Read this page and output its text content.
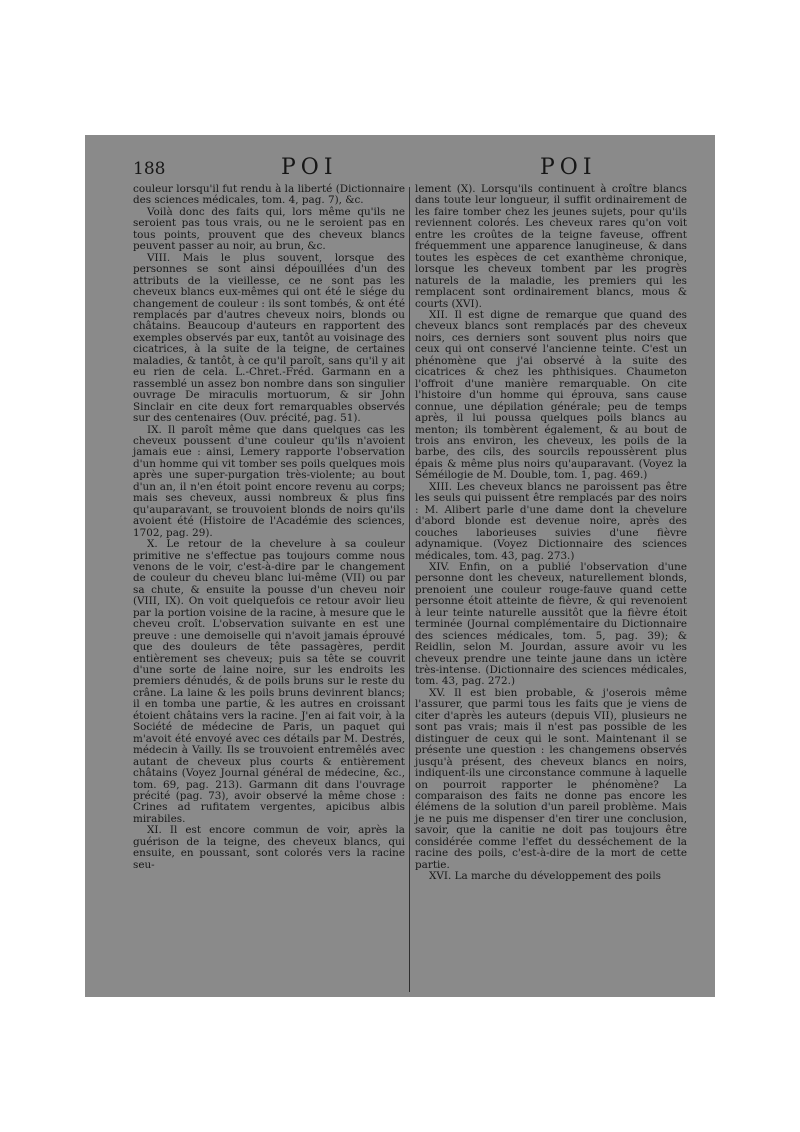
188	POI	POI

couleur lorsqu'il fut rendu à la liberté (Dictionnaire des sciences médicales, tom. 4, pag. 7), &c.

Voilà donc des faits qui, lors même qu'ils ne seroient pas tous vrais, ou ne le seroient pas en tous points, prouvent que des cheveux blancs peuvent passer au noir, au brun, &c.

VIII. Mais le plus souvent, lorsque des personnes se sont ainsi dépouillées d'un des attributs de la vieillesse, ce ne sont pas les cheveux blancs eux-mêmes qui ont été le siége du changement de couleur : ils sont tombés, & ont été remplacés par d'autres cheveux noirs, blonds ou châtains. Beaucoup d'auteurs en rapportent des exemples observés par eux, tantôt au voisinage des cicatrices, à la suite de la teigne, de certaines maladies, & tantôt, à ce qu'il paroît, sans qu'il y ait eu rien de cela. L.-Chret.-Fréd. Garmann en a rassemblé un assez bon nombre dans son singulier ouvrage De miraculis mortuorum, & sir John Sinclair en cite deux fort remarquables observés sur des centenaires (Ouv. précité, pag. 51).

IX. Il paroît même que dans quelques cas les cheveux poussent d'une couleur qu'ils n'avoient jamais eue : ainsi, Lemery rapporte l'observation d'un homme qui vit tomber ses poils quelques mois après une super-purgation très-violente; au bout d'un an, il n'en étoit point encore revenu au corps; mais ses cheveux, aussi nombreux & plus fins qu'auparavant, se trouvoient blonds de noirs qu'ils avoient été (Histoire de l'Académie des sciences, 1702, pag. 29).

X. Le retour de la chevelure à sa couleur primitive ne s'effectue pas toujours comme nous venons de le voir, c'est-à-dire par le changement de couleur du cheveu blanc lui-même (VII) ou par sa chute, & ensuite la pousse d'un cheveu noir (VIII, IX). On voit quelquefois ce retour avoir lieu par la portion voisine de la racine, à mesure que le cheveu croît. L'observation suivante en est une preuve : une demoiselle qui n'avoit jamais éprouvé que des douleurs de tête passagères, perdit entièrement ses cheveux; puis sa tête se couvrit d'une sorte de laine noire, sur les endroits les premiers dénudés, & de poils bruns sur le reste du crâne. La laine & les poils bruns devinrent blancs; il en tomba une partie, & les autres en croissant étoient châtains vers la racine. J'en ai fait voir, à la Société de médecine de Paris, un paquet qui m'avoit été envoyé avec ces détails par M. Destrés, médecin à Vailly. Ils se trouvoient entremêlés avec autant de cheveux plus courts & entièrement châtains (Voyez Journal général de médecine, &c., tom. 69, pag. 213). Garmann dit dans l'ouvrage précité (pag. 73), avoir observé la même chose : Crines ad rufitatem vergentes, apicibus albis mirabiles.

XI. Il est encore commun de voir, après la guérison de la teigne, des cheveux blancs, qui ensuite, en poussant, sont colorés vers la racine seu-

lement (X). Lorsqu'ils continuent à croître blancs dans toute leur longueur, il suffit ordinairement de les faire tomber chez les jeunes sujets, pour qu'ils reviennent colorés. Les cheveux rares qu'on voit entre les croûtes de la teigne faveuse, offrent fréquemment une apparence lanugineuse, & dans toutes les espèces de cet exanthème chronique, lorsque les cheveux tombent par les progrès naturels de la maladie, les premiers qui les remplacent sont ordinairement blancs, mous & courts (XVI).

XII. Il est digne de remarque que quand des cheveux blancs sont remplacés par des cheveux noirs, ces derniers sont souvent plus noirs que ceux qui ont conservé l'ancienne teinte. C'est un phénomène que j'ai observé à la suite des cicatrices & chez les phthisiques. Chaumeton l'offroit d'une manière remarquable. On cite l'histoire d'un homme qui éprouva, sans cause connue, une dépilation générale; peu de temps après, il lui poussa quelques poils blancs au menton; ils tombèrent également, & au bout de trois ans environ, les cheveux, les poils de la barbe, des cils, des sourcils repoussèrent plus épais & même plus noirs qu'auparavant. (Voyez la Séméilogie de M. Double, tom. 1, pag. 469.)

XIII. Les cheveux blancs ne paroissent pas être les seuls qui puissent être remplacés par des noirs : M. Alibert parle d'une dame dont la chevelure d'abord blonde est devenue noire, après des couches laborieuses suivies d'une fièvre adynamique. (Voyez Dictionnaire des sciences médicales, tom. 43, pag. 273.)

XIV. Enfin, on a publié l'observation d'une personne dont les cheveux, naturellement blonds, prenoient une couleur rouge-fauve quand cette personne étoit atteinte de fièvre, & qui revenoient à leur teinte naturelle aussitôt que la fièvre étoit terminée (Journal complémentaire du Dictionnaire des sciences médicales, tom. 5, pag. 39); & Reidlin, selon M. Jourdan, assure avoir vu les cheveux prendre une teinte jaune dans un ictère très-intense. (Dictionnaire des sciences médicales, tom. 43, pag. 272.)

XV. Il est bien probable, & j'oserois même l'assurer, que parmi tous les faits que je viens de citer d'après les auteurs (depuis VII), plusieurs ne sont pas vrais; mais il n'est pas possible de les distinguer de ceux qui le sont. Maintenant il se présente une question : les changemens observés jusqu'à présent, des cheveux blancs en noirs, indiquent-ils une circonstance commune à laquelle on pourroit rapporter le phénomène? La comparaison des faits ne donne pas encore les élémens de la solution d'un pareil problème. Mais je ne puis me dispenser d'en tirer une conclusion, savoir, que la canitie ne doit pas toujours être considérée comme l'effet du desséchement de la racine des poils, c'est-à-dire de la mort de cette partie.

XVI. La marche du développement des poils
